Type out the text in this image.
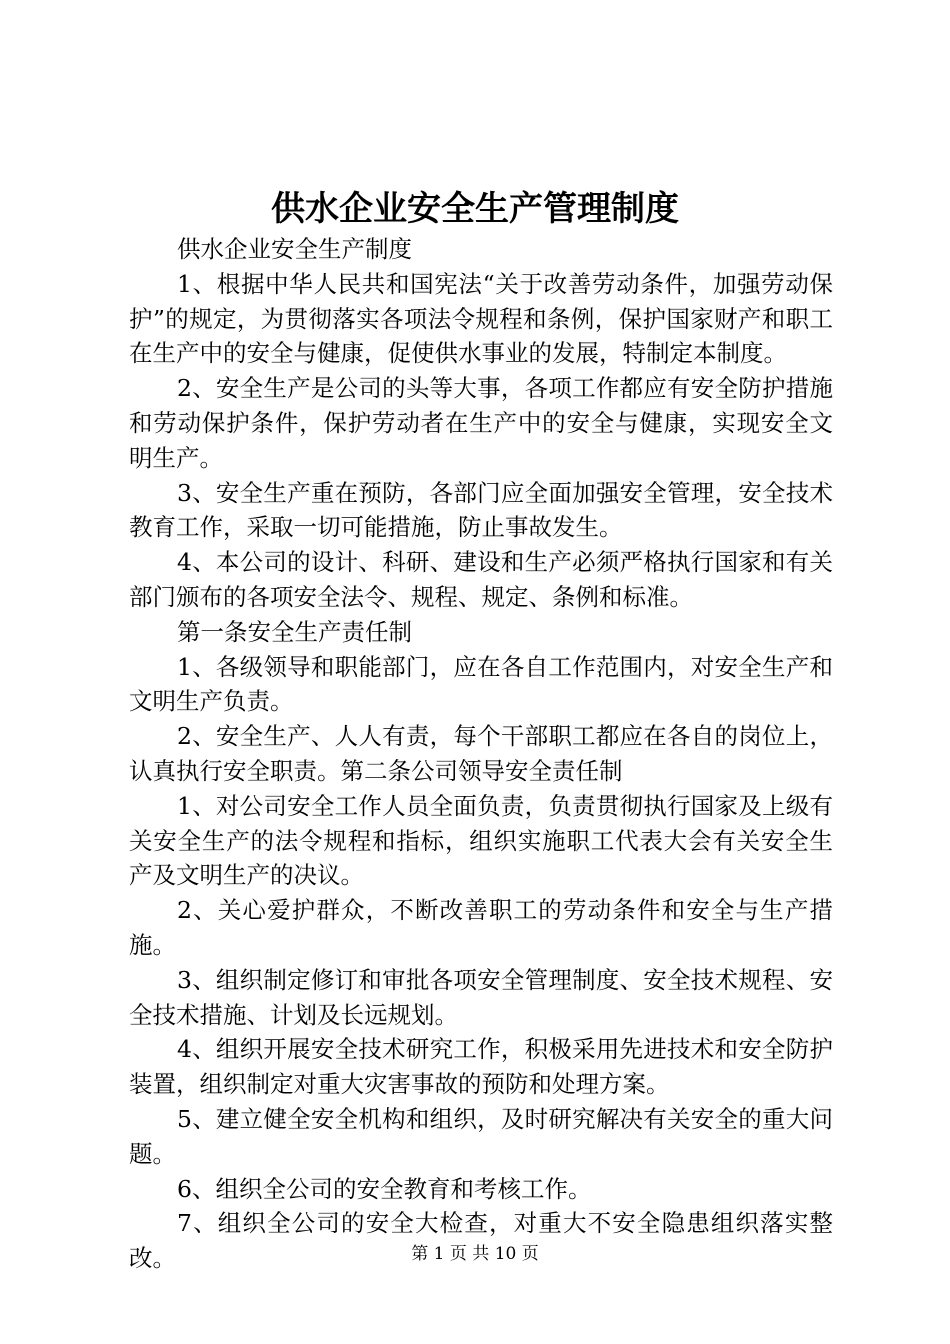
供水企业安全生产管理制度

供水企业安全生产制度

1、根据中华人民共和国宪法“关于改善劳动条件，加强劳动保护”的规定，为贯彻落实各项法令规程和条例，保护国家财产和职工在生产中的安全与健康，促使供水事业的发展，特制定本制度。

2、安全生产是公司的头等大事，各项工作都应有安全防护措施和劳动保护条件，保护劳动者在生产中的安全与健康，实现安全文明生产。

3、安全生产重在预防，各部门应全面加强安全管理，安全技术教育工作，采取一切可能措施，防止事故发生。

4、本公司的设计、科研、建设和生产必须严格执行国家和有关部门颁布的各项安全法令、规程、规定、条例和标准。

第一条安全生产责任制

1、各级领导和职能部门，应在各自工作范围内，对安全生产和文明生产负责。

2、安全生产、人人有责，每个干部职工都应在各自的岗位上，认真执行安全职责。第二条公司领导安全责任制

1、对公司安全工作人员全面负责，负责贯彻执行国家及上级有关安全生产的法令规程和指标，组织实施职工代表大会有关安全生产及文明生产的决议。

2、关心爱护群众，不断改善职工的劳动条件和安全与生产措施。

3、组织制定修订和审批各项安全管理制度、安全技术规程、安全技术措施、计划及长远规划。

4、组织开展安全技术研究工作，积极采用先进技术和安全防护装置，组织制定对重大灾害事故的预防和处理方案。

5、建立健全安全机构和组织，及时研究解决有关安全的重大问题。

6、组织全公司的安全教育和考核工作。

7、组织全公司的安全大检查，对重大不安全隐患组织落实整改。	第 1 页 共 10 页
